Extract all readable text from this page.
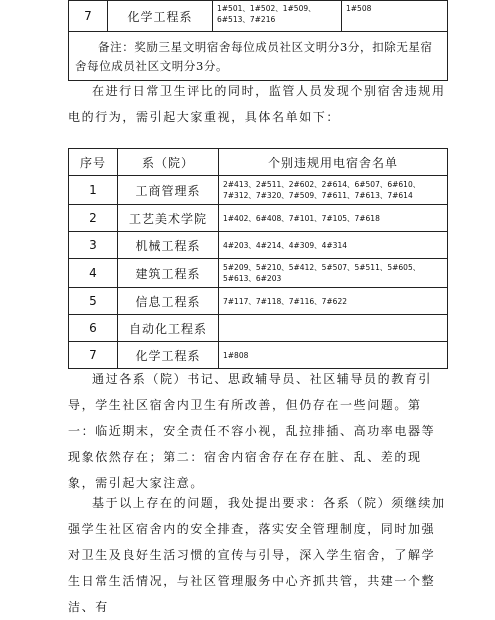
7	化学工程系	1#501、1#502、1#509、6#513、7#216	1#508
备注：奖励三星文明宿舍每位成员社区文明分3分，扣除无星宿舍每位成员社区文明分3分。

在进行日常卫生评比的同时，监管人员发现个别宿舍违规用电的行为，需引起大家重视，具体名单如下：

序号	系（院）	个别违规用电宿舍名单
1	工商管理系	2#413、2#511、2#602、2#614、6#507、6#610、7#312、7#320、7#509、7#611、7#613、7#614
2	工艺美术学院	1#402、6#408、7#101、7#105、7#618
3	机械工程系	4#203、4#214、4#309、4#314
4	建筑工程系	5#209、5#210、5#412、5#507、5#511、5#605、5#613、6#203
5	信息工程系	7#117、7#118、7#116、7#622
6	自动化工程系	
7	化学工程系	1#808

通过各系（院）书记、思政辅导员、社区辅导员的教育引导，学生社区宿舍内卫生有所改善，但仍存在一些问题。第一：临近期末，安全责任不容小视，乱拉排插、高功率电器等现象依然存在；第二：宿舍内宿舍存在存在脏、乱、差的现象，需引起大家注意。

基于以上存在的问题，我处提出要求：各系（院）须继续加强学生社区宿舍内的安全排查，落实安全管理制度，同时加强对卫生及良好生活习惯的宣传与引导，深入学生宿舍，了解学生日常生活情况，与社区管理服务中心齐抓共管，共建一个整洁、有
